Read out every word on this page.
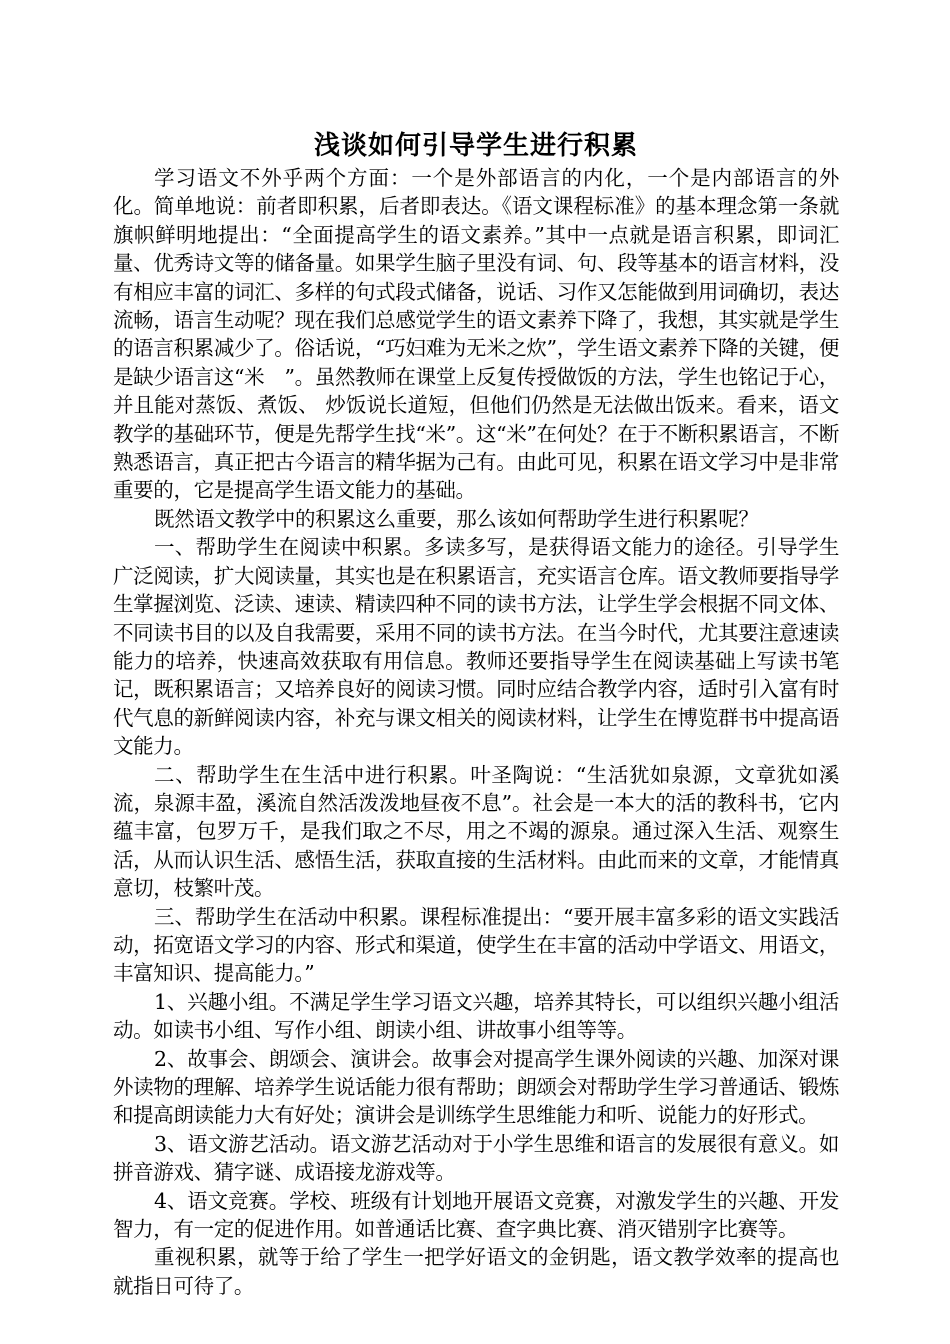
浅谈如何引导学生进行积累

学习语文不外乎两个方面：一个是外部语言的内化，一个是内部语言的外化。简单地说：前者即积累，后者即表达。《语文课程标准》的基本理念第一条就旗帜鲜明地提出：“全面提高学生的语文素养。”其中一点就是语言积累，即词汇量、优秀诗文等的储备量。如果学生脑子里没有词、句、段等基本的语言材料，没有相应丰富的词汇、多样的句式段式储备，说话、习作又怎能做到用词确切，表达流畅，语言生动呢？现在我们总感觉学生的语文素养下降了，我想，其实就是学生的语言积累减少了。俗话说，“巧妇难为无米之炊”，学生语文素养下降的关键，便是缺少语言这“米　”。虽然教师在课堂上反复传授做饭的方法，学生也铭记于心，并且能对蒸饭、煮饭、 炒饭说长道短，但他们仍然是无法做出饭来。看来，语文教学的基础环节，便是先帮学生找“米”。这“米”在何处？在于不断积累语言，不断熟悉语言，真正把古今语言的精华据为己有。由此可见，积累在语文学习中是非常重要的，它是提高学生语文能力的基础。

既然语文教学中的积累这么重要，那么该如何帮助学生进行积累呢？

一、帮助学生在阅读中积累。多读多写，是获得语文能力的途径。引导学生广泛阅读，扩大阅读量，其实也是在积累语言，充实语言仓库。语文教师要指导学生掌握浏览、泛读、速读、精读四种不同的读书方法，让学生学会根据不同文体、不同读书目的以及自我需要，采用不同的读书方法。在当今时代，尤其要注意速读能力的培养，快速高效获取有用信息。教师还要指导学生在阅读基础上写读书笔记，既积累语言；又培养良好的阅读习惯。同时应结合教学内容，适时引入富有时代气息的新鲜阅读内容，补充与课文相关的阅读材料，让学生在博览群书中提高语文能力。

二、帮助学生在生活中进行积累。叶圣陶说：“生活犹如泉源，文章犹如溪流，泉源丰盈，溪流自然活泼泼地昼夜不息”。社会是一本大的活的教科书，它内蕴丰富，包罗万千，是我们取之不尽，用之不竭的源泉。通过深入生活、观察生活，从而认识生活、感悟生活，获取直接的生活材料。由此而来的文章，才能情真意切，枝繁叶茂。

三、帮助学生在活动中积累。课程标准提出：“要开展丰富多彩的语文实践活动，拓宽语文学习的内容、形式和渠道，使学生在丰富的活动中学语文、用语文，丰富知识、提高能力。”

1、兴趣小组。不满足学生学习语文兴趣，培养其特长，可以组织兴趣小组活动。如读书小组、写作小组、朗读小组、讲故事小组等等。

2、故事会、朗颂会、演讲会。故事会对提高学生课外阅读的兴趣、加深对课外读物的理解、培养学生说话能力很有帮助；朗颂会对帮助学生学习普通话、锻炼和提高朗读能力大有好处；演讲会是训练学生思维能力和听、说能力的好形式。

3、语文游艺活动。语文游艺活动对于小学生思维和语言的发展很有意义。如拼音游戏、猜字谜、成语接龙游戏等。

4、语文竞赛。学校、班级有计划地开展语文竞赛，对激发学生的兴趣、开发智力，有一定的促进作用。如普通话比赛、查字典比赛、消灭错别字比赛等。

重视积累，就等于给了学生一把学好语文的金钥匙，语文教学效率的提高也就指日可待了。
